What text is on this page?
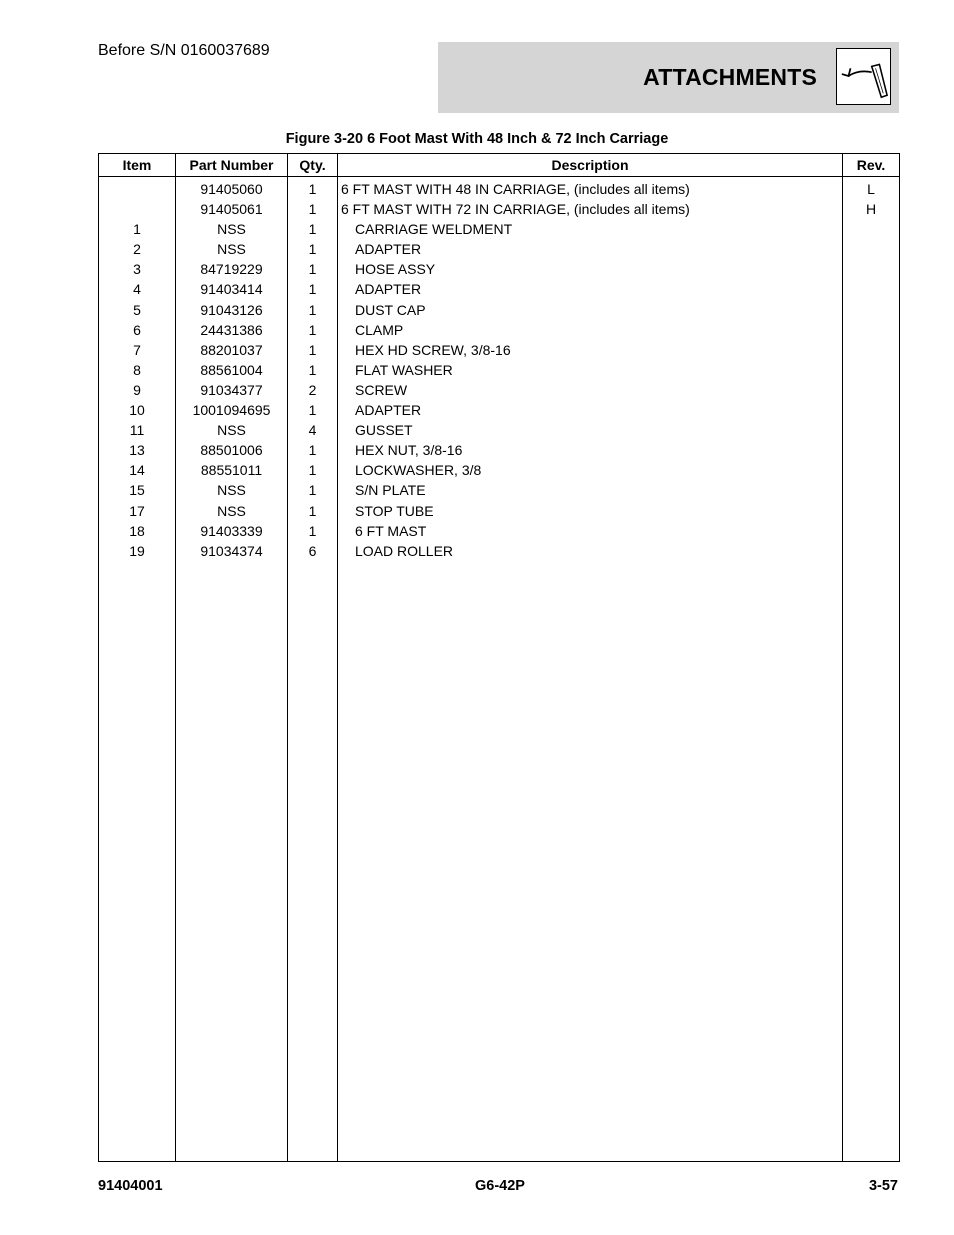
Before S/N 0160037689
ATTACHMENTS
Figure 3-20 6 Foot Mast With 48 Inch & 72 Inch Carriage
Item	Part Number	Qty.	Description	Rev.
	91405060	1	6 FT MAST WITH 48 IN CARRIAGE, (includes all items)	L
	91405061	1	6 FT MAST WITH 72 IN CARRIAGE, (includes all items)	H
1	NSS	1	CARRIAGE WELDMENT	
2	NSS	1	ADAPTER	
3	84719229	1	HOSE ASSY	
4	91403414	1	ADAPTER	
5	91043126	1	DUST CAP	
6	24431386	1	CLAMP	
7	88201037	1	HEX HD SCREW, 3/8-16	
8	88561004	1	FLAT WASHER	
9	91034377	2	SCREW	
10	1001094695	1	ADAPTER	
11	NSS	4	GUSSET	
13	88501006	1	HEX NUT, 3/8-16	
14	88551011	1	LOCKWASHER, 3/8	
15	NSS	1	S/N PLATE	
17	NSS	1	STOP TUBE	
18	91403339	1	6 FT MAST	
19	91034374	6	LOAD ROLLER	

91404001	G6-42P	3-57
